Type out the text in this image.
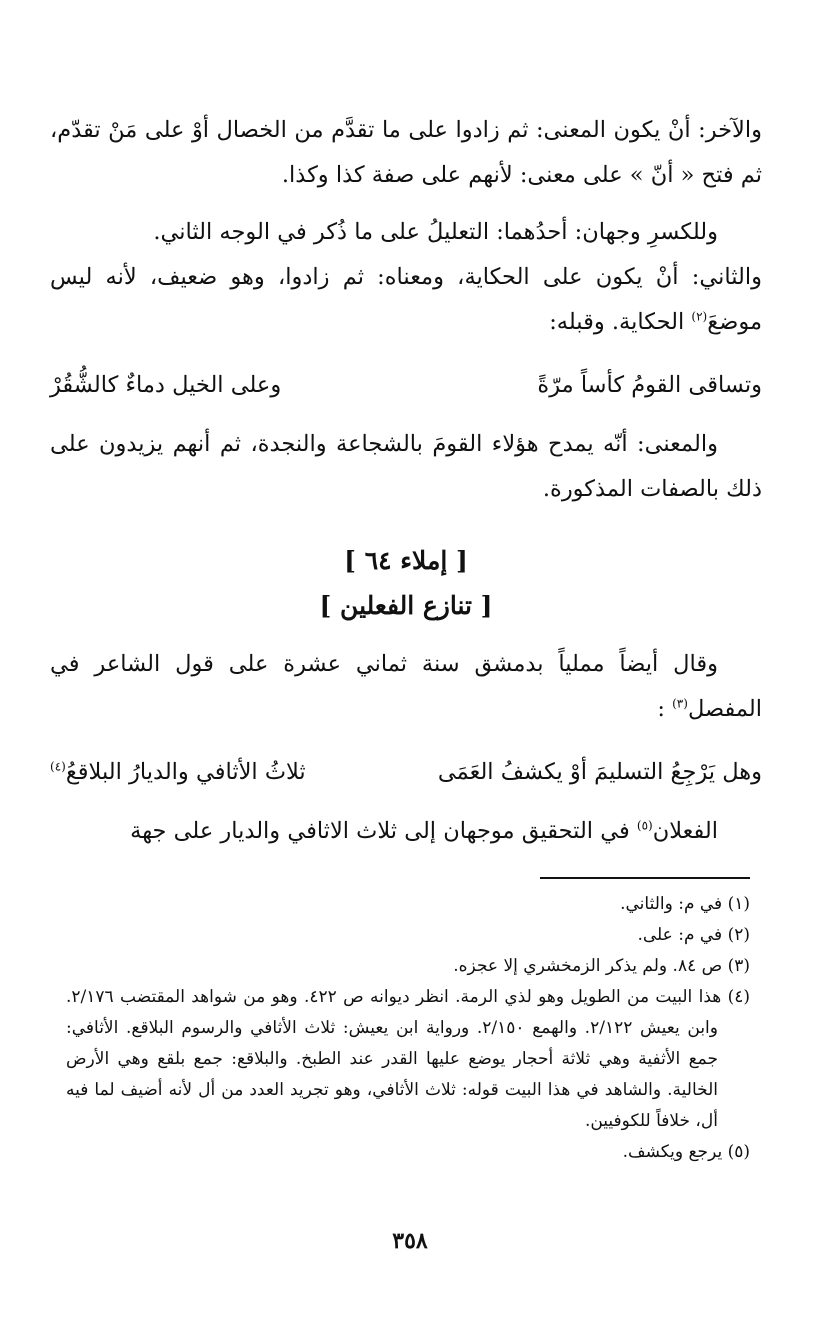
والآخر: أنْ يكون المعنى: ثم زادوا على ما تقدَّم من الخصال أوْ على مَنْ تقدّم، ثم فتح « أنّ » على معنى: لأنهم على صفة كذا وكذا.

وللكسرِ وجهان: أحدُهما: التعليلُ على ما ذُكر في الوجه الثاني.

والثاني: أنْ يكون على الحكاية، ومعناه: ثم زادوا، وهو ضعيف، لأنه ليس موضعَ$^{(٢)}$ الحكاية. وقبله:

وتساقى القومُ كأساً مرّةً
وعلى الخيل دماءٌ كالشُّقُرْ

والمعنى: أنّه يمدح هؤلاء القومَ بالشجاعة والنجدة، ثم أنهم يزيدون على ذلك بالصفات المذكورة.

[ إملاء ٦٤ ]

[ تنازع الفعلين ]

وقال أيضاً مملياً بدمشق سنة ثماني عشرة على قول الشاعر في المفصل$^{(٣)}$ :

وهل يَرْجِعُ التسليمَ أوْ يكشفُ العَمَى
ثلاثُ الأثافي والديارُ البلاقعُ$^{(٤)}$

الفعلان$^{(٥)}$ في التحقيق موجهان إلى ثلاث الاثافي والديار على جهة

(١) في م: والثاني.

(٢) في م: على.

(٣) ص ٨٤. ولم يذكر الزمخشري إلا عجزه.

(٤) هذا البيت من الطويل وهو لذي الرمة. انظر ديوانه ص ٤٢٢. وهو من شواهد المقتضب ٢/١٧٦. وابن يعيش ٢/١٢٢. والهمع ٢/١٥٠. ورواية ابن يعيش: ثلاث الأثافي والرسوم البلاقع. الأثافي: جمع الأثفية وهي ثلاثة أحجار يوضع عليها القدر عند الطبخ. والبلاقع: جمع بلقع وهي الأرض الخالية. والشاهد في هذا البيت قوله: ثلاث الأثافي، وهو تجريد العدد من أل لأنه أضيف لما فيه أل، خلافاً للكوفيين.

(٥) يرجع ويكشف.

٣٥٨
